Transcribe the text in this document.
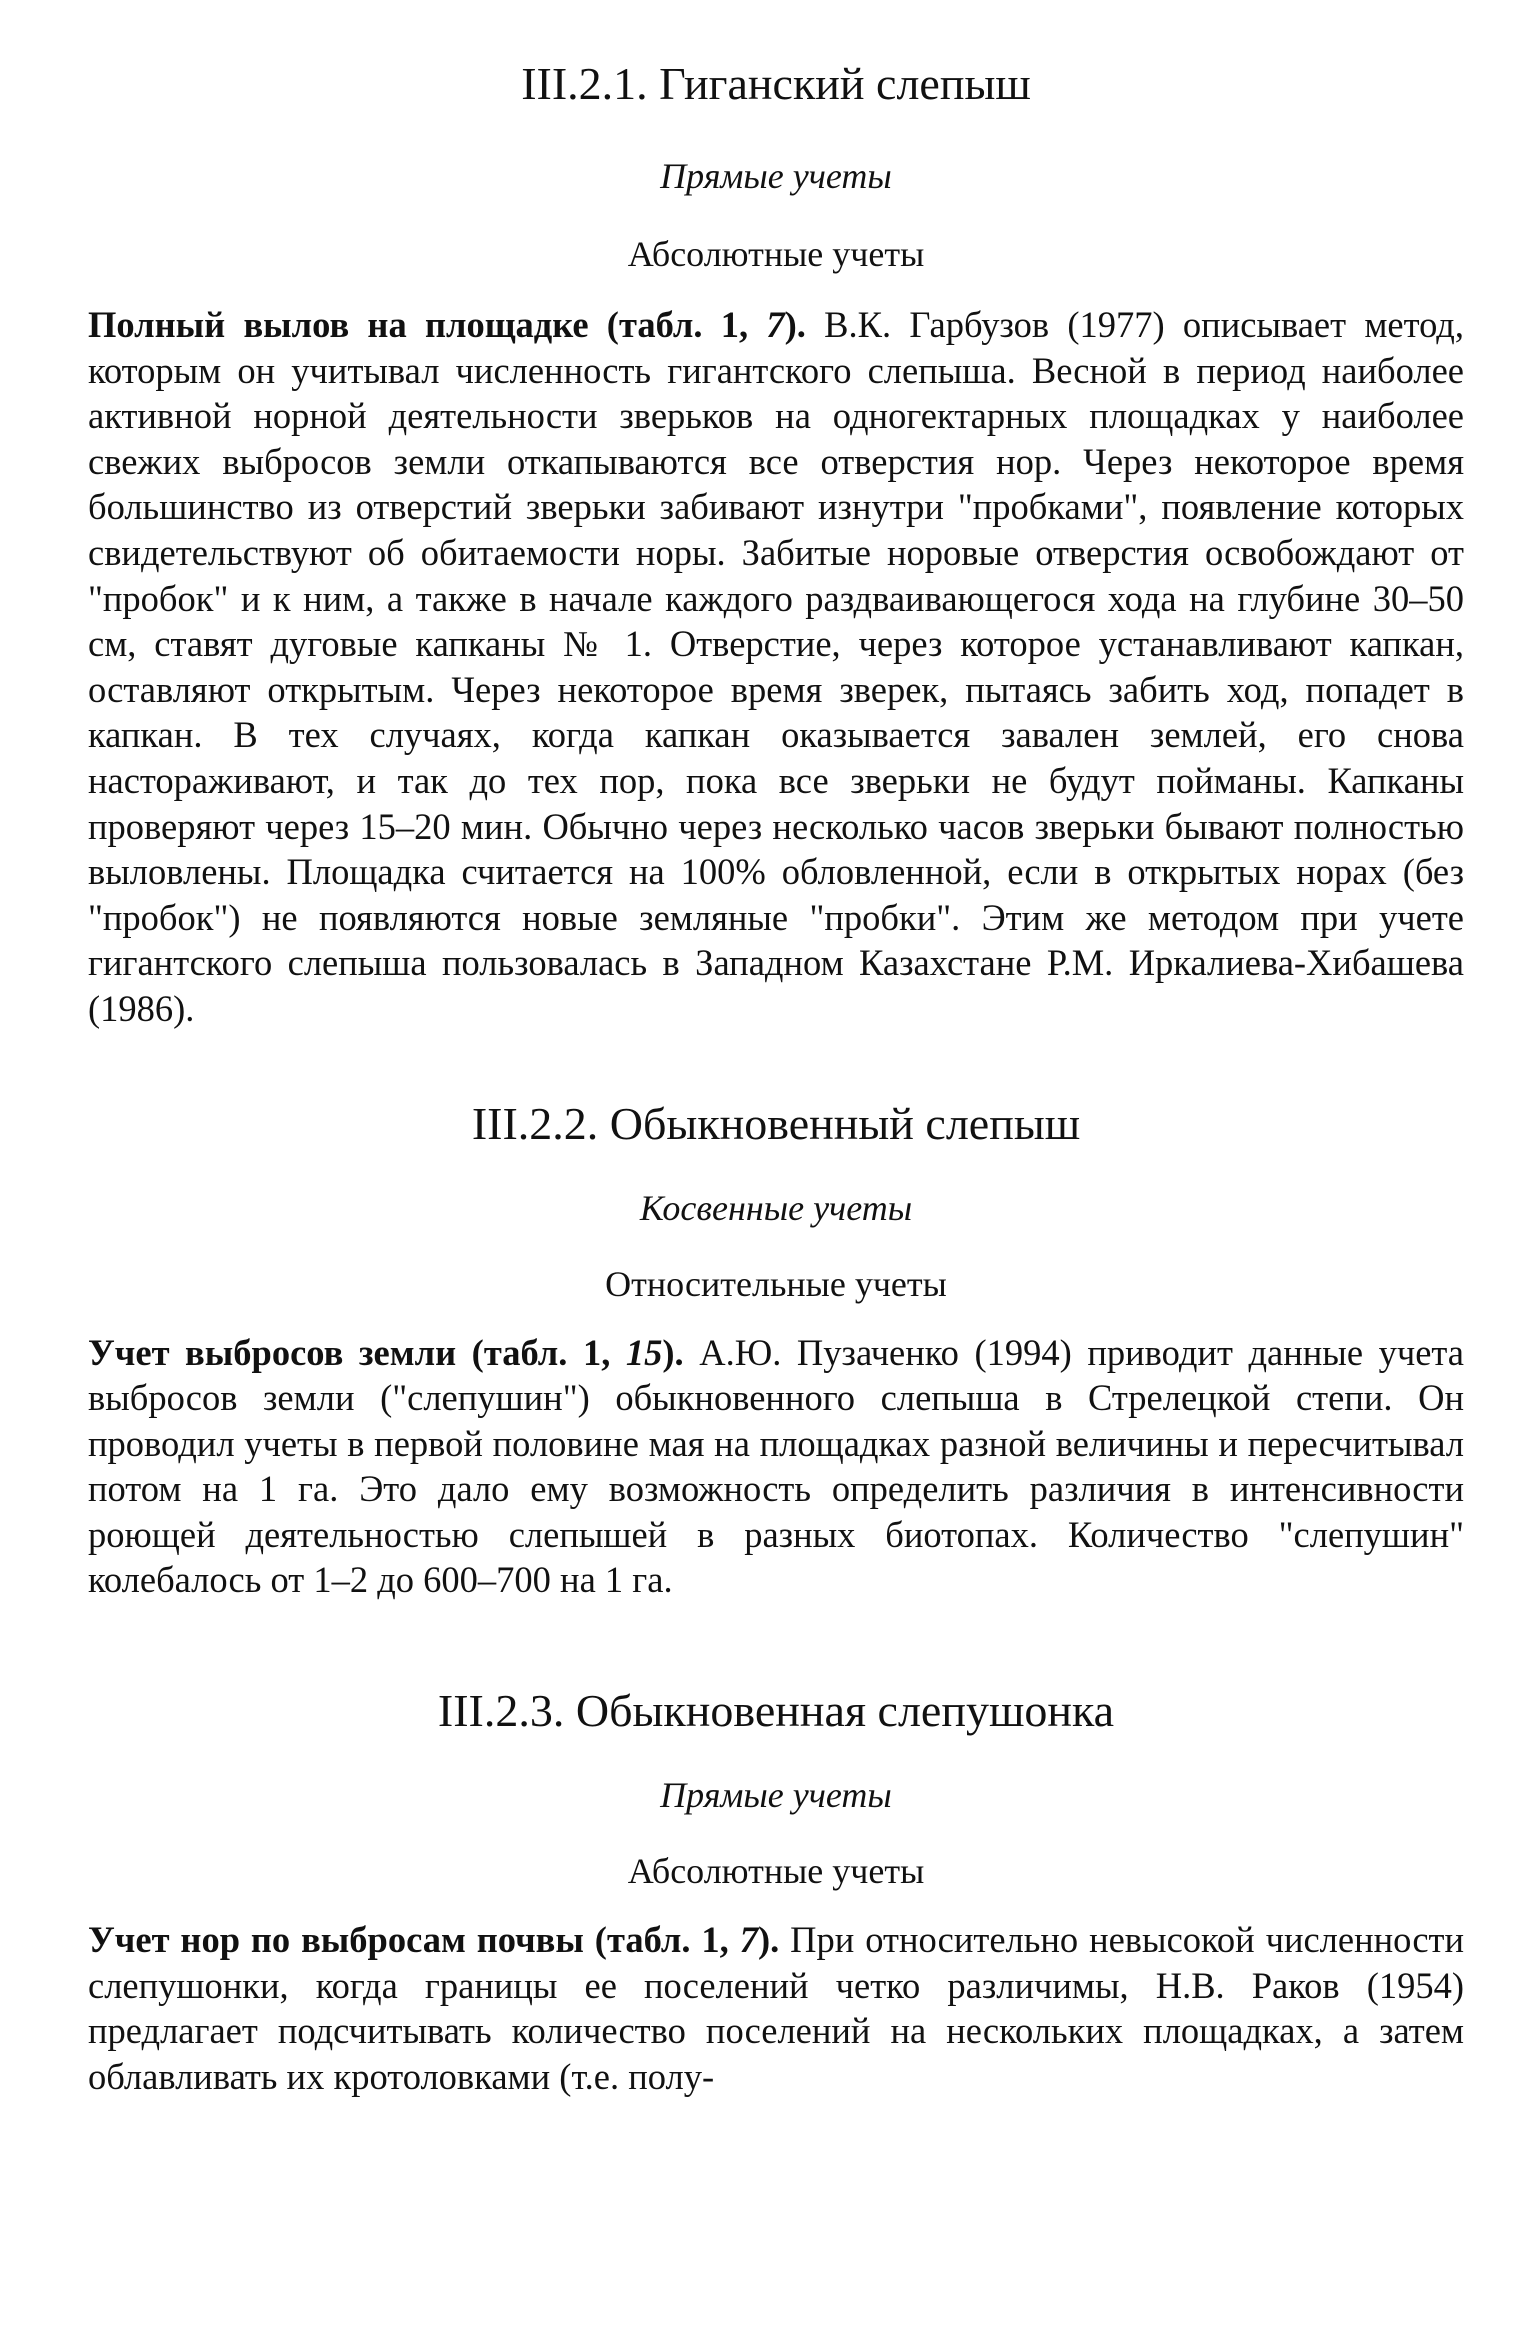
III.2.1. Гиганский слепыш

Прямые учеты

Абсолютные учеты

Полный вылов на площадке (табл. 1, 7). В.К. Гарбузов (1977) описывает метод, которым он учитывал численность гигантского слепыша. Весной в период наиболее активной норной деятельности зверьков на одногектарных площадках у наиболее свежих выбросов земли откапываются все отверстия нор. Через некоторое время большинство из отверстий зверьки забивают изнутри "пробками", появление которых свидетельствуют об обитаемости норы. Забитые норовые отверстия освобождают от "пробок" и к ним, а также в начале каждого раздваивающегося хода на глубине 30–50 см, ставят дуговые капканы № 1. Отверстие, через которое устанавливают капкан, оставляют открытым. Через некоторое время зверек, пытаясь забить ход, попадет в капкан. В тех случаях, когда капкан оказывается завален землей, его снова настораживают, и так до тех пор, пока все зверьки не будут пойманы. Капканы проверяют через 15–20 мин. Обычно через несколько часов зверьки бывают полностью выловлены. Площадка считается на 100% обловленной, если в открытых норах (без "пробок") не появляются новые земляные "пробки". Этим же методом при учете гигантского слепыша пользовалась в Западном Казахстане Р.М. Иркалиева-Хибашева (1986).

III.2.2. Обыкновенный слепыш

Косвенные учеты

Относительные учеты

Учет выбросов земли (табл. 1, 15). А.Ю. Пузаченко (1994) приводит данные учета выбросов земли ("слепушин") обыкновенного слепыша в Стрелецкой степи. Он проводил учеты в первой половине мая на площадках разной величины и пересчитывал потом на 1 га. Это дало ему возможность определить различия в интенсивности роющей деятельностью слепышей в разных биотопах. Количество "слепушин" колебалось от 1–2 до 600–700 на 1 га.

III.2.3. Обыкновенная слепушонка

Прямые учеты

Абсолютные учеты

Учет нор по выбросам почвы (табл. 1, 7). При относительно невысокой численности слепушонки, когда границы ее поселений четко различимы, Н.В. Раков (1954) предлагает подсчитывать количество поселений на нескольких площадках, а затем облавливать их кротоловками (т.е. полу-
